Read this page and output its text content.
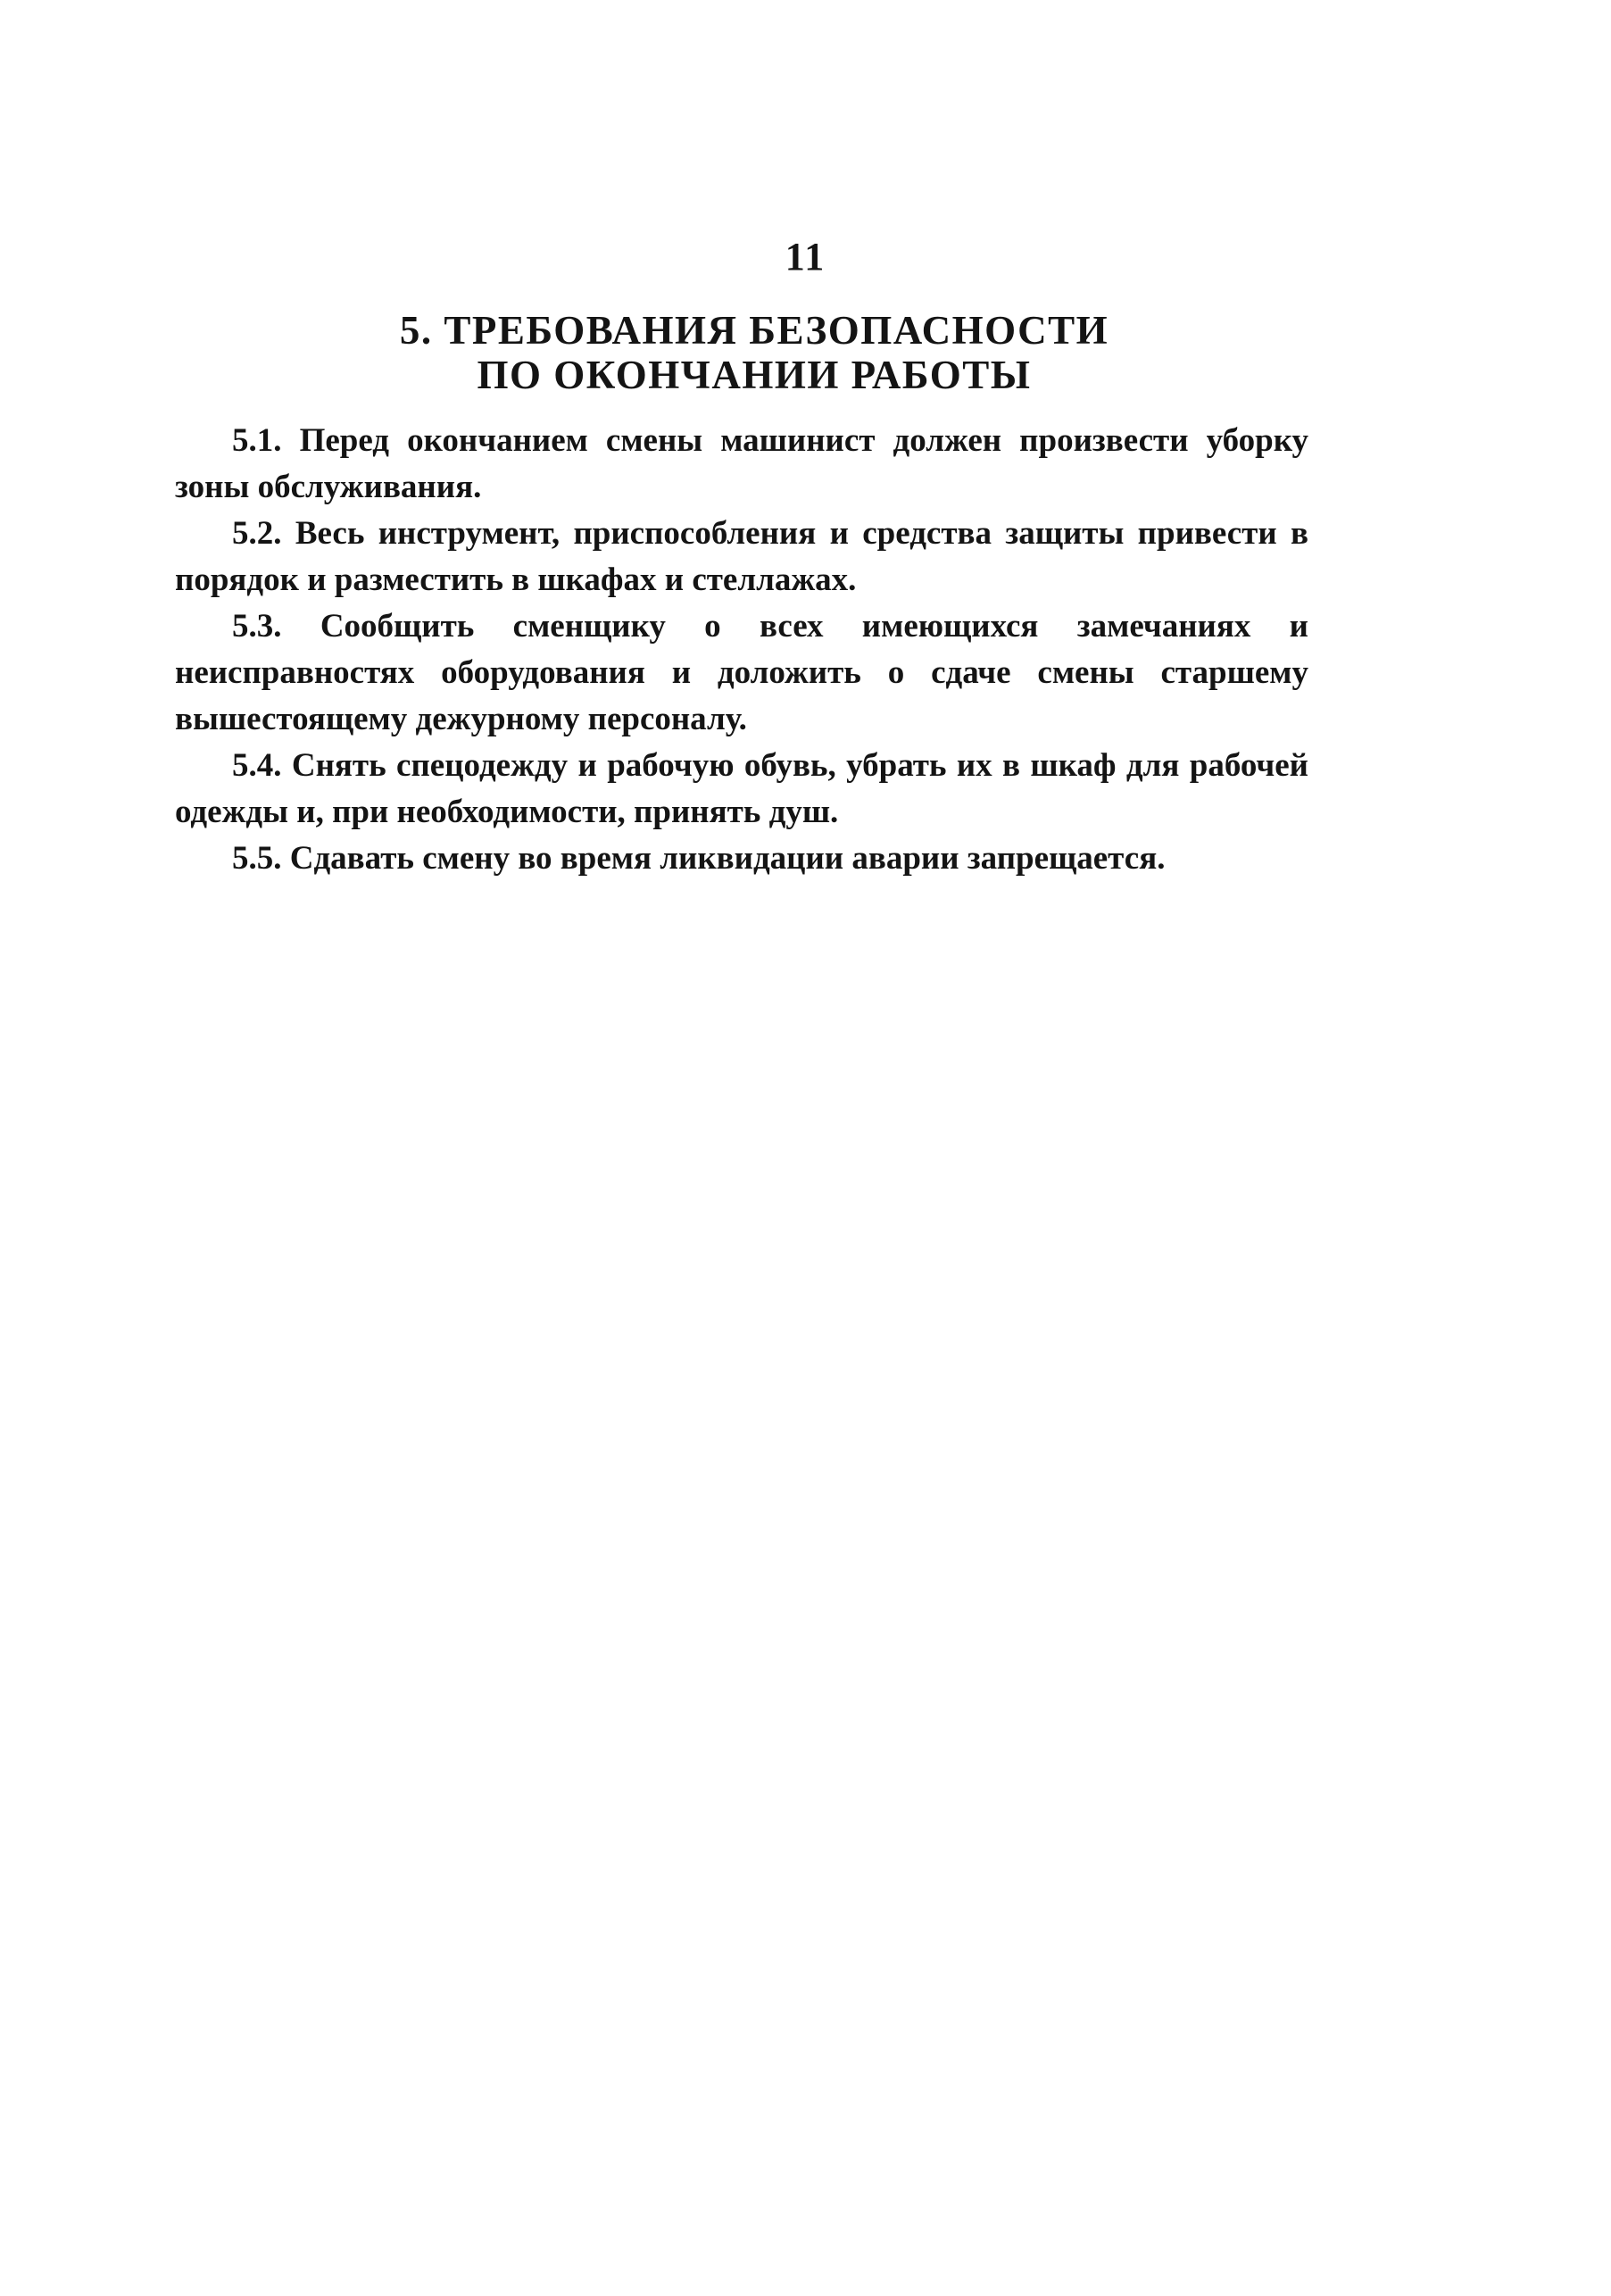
11
5. ТРЕБОВАНИЯ БЕЗОПАСНОСТИ
ПО ОКОНЧАНИИ РАБОТЫ

5.1. Перед окончанием смены машинист должен произвести уборку зоны обслуживания.

5.2. Весь инструмент, приспособления и средства защиты привести в порядок и разместить в шкафах и стеллажах.

5.3. Сообщить сменщику о всех имеющихся замечаниях и неисправностях оборудования и доложить о сдаче смены старшему вышестоящему дежурному персоналу.

5.4. Снять спецодежду и рабочую обувь, убрать их в шкаф для рабочей одежды и, при необходимости, принять душ.

5.5. Сдавать смену во время ликвидации аварии запрещается.
